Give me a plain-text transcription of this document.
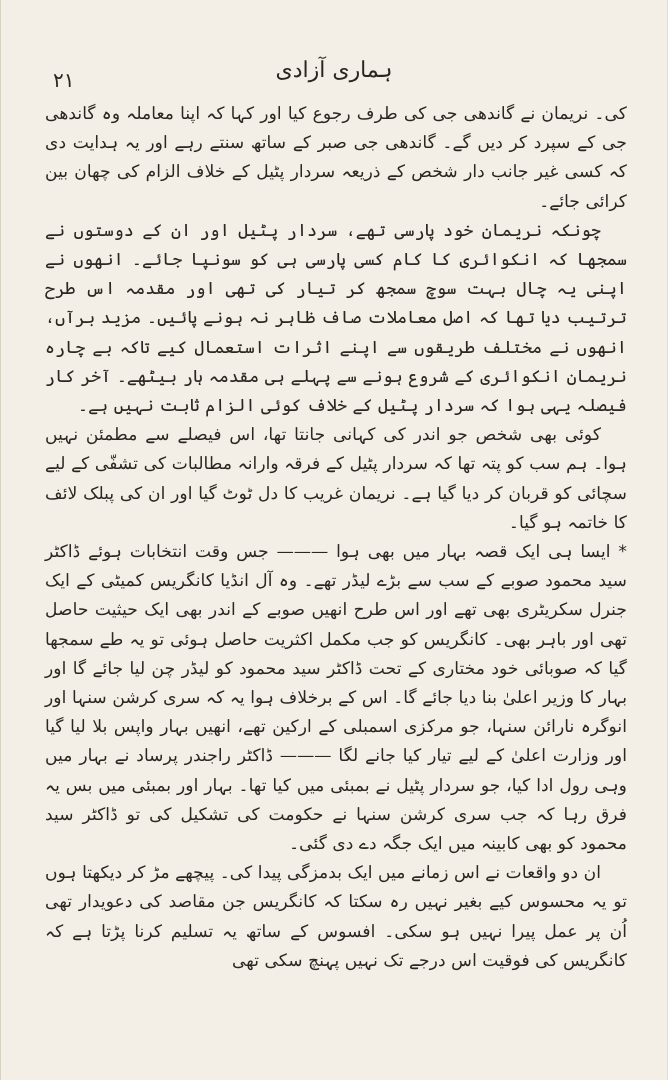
۲۱	ہماری آزادی

کی۔ نریمان نے گاندھی جی کی طرف رجوع کیا اور کہا کہ اپنا معاملہ وہ گاندھی جی کے سپرد کر دیں گے۔ گاندھی جی صبر کے ساتھ سنتے رہے اور یہ ہدایت دی کہ کسی غیر جانب دار شخص کے ذریعہ سردار پٹیل کے خلاف الزام کی چھان بین کرائی جائے۔

چونکہ نریمان خود پارسی تھے، سردار پٹیل اور ان کے دوستوں نے سمجھا کہ انکوائری کا کام کسی پارسی ہی کو سونپا جائے۔ انھوں نے اپنی یہ چال بہت سوچ سمجھ کر تیار کی تھی اور مقدمہ اس طرح ترتیب دیا تھا کہ اصل معاملات صاف ظاہر نہ ہونے پائیں۔ مزید برآں، انھوں نے مختلف طریقوں سے اپنے اثرات استعمال کیے تاکہ بے چارہ نریمان انکوائری کے شروع ہونے سے پہلے ہی مقدمہ ہار بیٹھے۔ آخر کار فیصلہ یہی ہوا کہ سردار پٹیل کے خلاف کوئی الزام ثابت نہیں ہے۔

کوئی بھی شخص جو اندر کی کہانی جانتا تھا، اس فیصلے سے مطمئن نہیں ہوا۔ ہم سب کو پتہ تھا کہ سردار پٹیل کے فرقہ وارانہ مطالبات کی تشفّی کے لیے سچائی کو قربان کر دیا گیا ہے۔ نریمان غریب کا دل ٹوٹ گیا اور ان کی پبلک لائف کا خاتمہ ہو گیا۔

* ایسا ہی ایک قصہ بہار میں بھی ہوا ——— جس وقت انتخابات ہوئے ڈاکٹر سید محمود صوبے کے سب سے بڑے لیڈر تھے۔ وہ آل انڈیا کانگریس کمیٹی کے ایک جنرل سکریٹری بھی تھے اور اس طرح انھیں صوبے کے اندر بھی ایک حیثیت حاصل تھی اور باہر بھی۔ کانگریس کو جب مکمل اکثریت حاصل ہوئی تو یہ طے سمجھا گیا کہ صوبائی خود مختاری کے تحت ڈاکٹر سید محمود کو لیڈر چن لیا جائے گا اور بہار کا وزیر اعلیٰ بنا دیا جائے گا۔ اس کے برخلاف ہوا یہ کہ سری کرشن سنہا اور انوگرہ نارائن سنہا، جو مرکزی اسمبلی کے ارکین تھے، انھیں بہار واپس بلا لیا گیا اور وزارت اعلیٰ کے لیے تیار کیا جانے لگا ——— ڈاکٹر راجندر پرساد نے بہار میں وہی رول ادا کیا، جو سردار پٹیل نے بمبئی میں کیا تھا۔ بہار اور بمبئی میں بس یہ فرق رہا کہ جب سری کرشن سنہا نے حکومت کی تشکیل کی تو ڈاکٹر سید محمود کو بھی کابینہ میں ایک جگہ دے دی گئی۔

ان دو واقعات نے اس زمانے میں ایک بدمزگی پیدا کی۔ پیچھے مڑ کر دیکھتا ہوں تو یہ محسوس کیے بغیر نہیں رہ سکتا کہ کانگریس جن مقاصد کی دعویدار تھی اُن پر عمل پیرا نہیں ہو سکی۔ افسوس کے ساتھ یہ تسلیم کرنا پڑتا ہے کہ کانگریس کی فوقیت اس درجے تک نہیں پہنچ سکی تھی
